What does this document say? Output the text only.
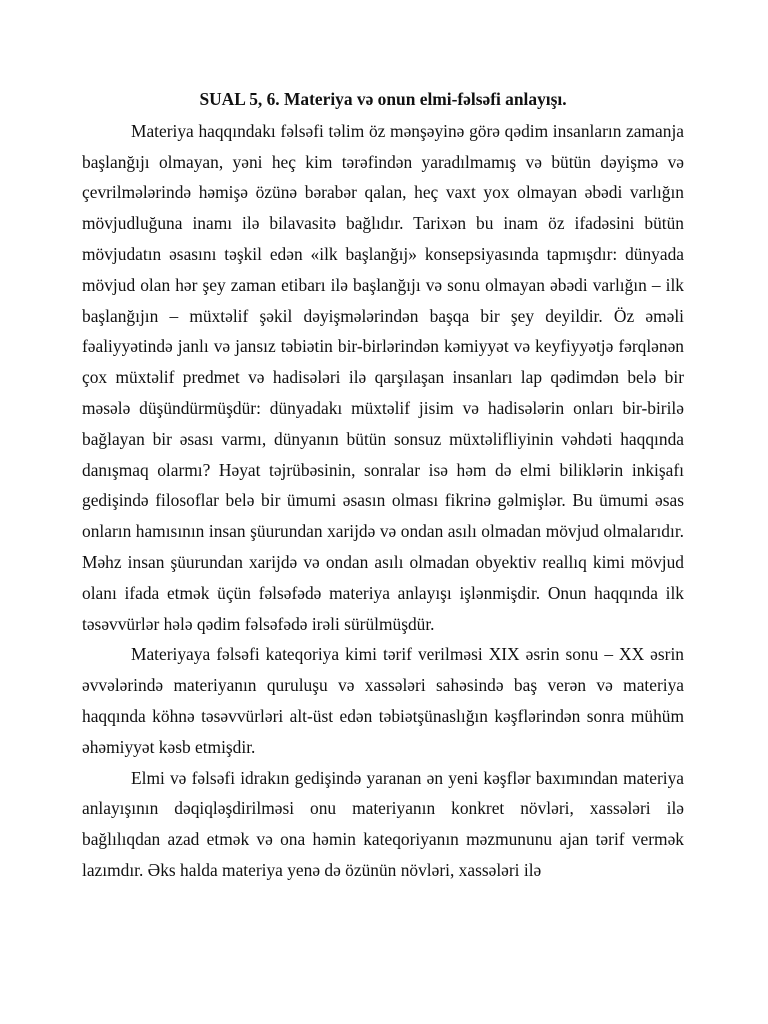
SUAL 5, 6. Materiya və onun elmi-fəlsəfi anlayışı.

Materiya haqqındakı fəlsəfi təlim öz mənşəyinə görə qədim insanların zamanja başlanğıjı olmayan, yəni heç kim tərəfindən yaradılmamış və bütün dəyişmə və çevrilmələrində həmişə özünə bərabər qalan, heç vaxt yox olmayan əbədi varlığın mövjudluğuna inamı ilə bilavasitə bağlıdır. Tarixən bu inam öz ifadəsini bütün mövjudatın əsasını təşkil edən «ilk başlanğıj» konsepsiyasında tapmışdır: dünyada mövjud olan hər şey zaman etibarı ilə başlanğıjı və sonu olmayan əbədi varlığın – ilk başlanğıjın – müxtəlif şəkil dəyişmələrindən başqa bir şey deyildir. Öz əməli fəaliyyətində janlı və jansız təbiətin bir-birlərindən kəmiyyət və keyfiyyətjə fərqlənən çox müxtəlif predmet və hadisələri ilə qarşılaşan insanları lap qədimdən belə bir məsələ düşündürmüşdür: dünyadakı müxtəlif jisim və hadisələrin onları bir-birilə bağlayan bir əsası varmı, dünyanın bütün sonsuz müxtəlifliyinin vəhdəti haqqında danışmaq olarmı? Həyat təjrübəsinin, sonralar isə həm də elmi biliklərin inkişafı gedişində filosoflar belə bir ümumi əsasın olması fikrinə gəlmişlər. Bu ümumi əsas onların hamısının insan şüurundan xarijdə və ondan asılı olmadan mövjud olmalarıdır. Məhz insan şüurundan xarijdə və ondan asılı olmadan obyektiv reallıq kimi mövjud olanı ifada etmək üçün fəlsəfədə materiya anlayışı işlənmişdir. Onun haqqında ilk təsəvvürlər hələ qədim fəlsəfədə irəli sürülmüşdür.

Materiyaya fəlsəfi kateqoriya kimi tərif verilməsi XIX əsrin sonu – XX əsrin əvvələrində materiyanın quruluşu və xassələri sahəsində baş verən və materiya haqqında köhnə təsəvvürləri alt-üst edən təbiətşünaslığın kəşflərindən sonra mühüm əhəmiyyət kəsb etmişdir.

Elmi və fəlsəfi idrakın gedişində yaranan ən yeni kəşflər baxımından materiya anlayışının dəqiqləşdirilməsi onu materiyanın konkret növləri, xassələri ilə bağlılıqdan azad etmək və ona həmin kateqoriyanın məzmununu ajan tərif vermək lazımdır. Əks halda materiya yenə də özünün növləri, xassələri ilə
